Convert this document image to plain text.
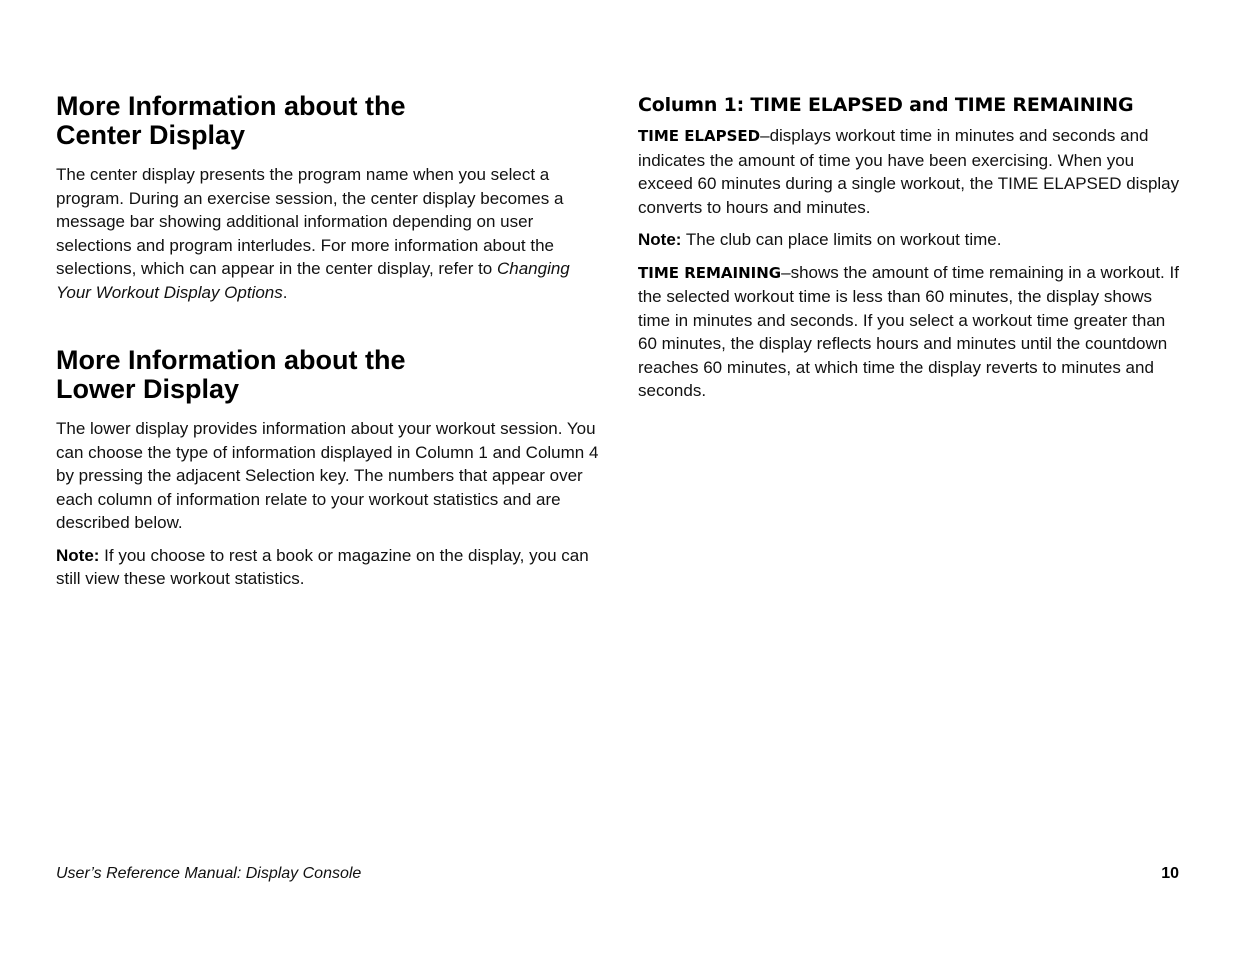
More Information about the
Center Display

The center display presents the program name when you select a program. During an exercise session, the center display becomes a message bar showing additional information depending on user selections and program interludes. For more information about the selections, which can appear in the center display, refer to Changing Your Workout Display Options.

More Information about the
Lower Display

The lower display provides information about your workout session. You can choose the type of information displayed in Column 1 and Column 4 by pressing the adjacent Selection key. The numbers that appear over each column of information relate to your workout statistics and are described below.

Note: If you choose to rest a book or magazine on the display, you can still view these workout statistics.

Column 1: TIME ELAPSED and TIME REMAINING

TIME ELAPSED–displays workout time in minutes and seconds and indicates the amount of time you have been exercising. When you exceed 60 minutes during a single workout, the TIME ELAPSED display converts to hours and minutes.

Note: The club can place limits on workout time.

TIME REMAINING–shows the amount of time remaining in a workout. If the selected workout time is less than 60 minutes, the display shows time in minutes and seconds. If you select a workout time greater than 60 minutes, the display reflects hours and minutes until the countdown reaches 60 minutes, at which time the display reverts to minutes and seconds.

User’s Reference Manual: Display Console	10
